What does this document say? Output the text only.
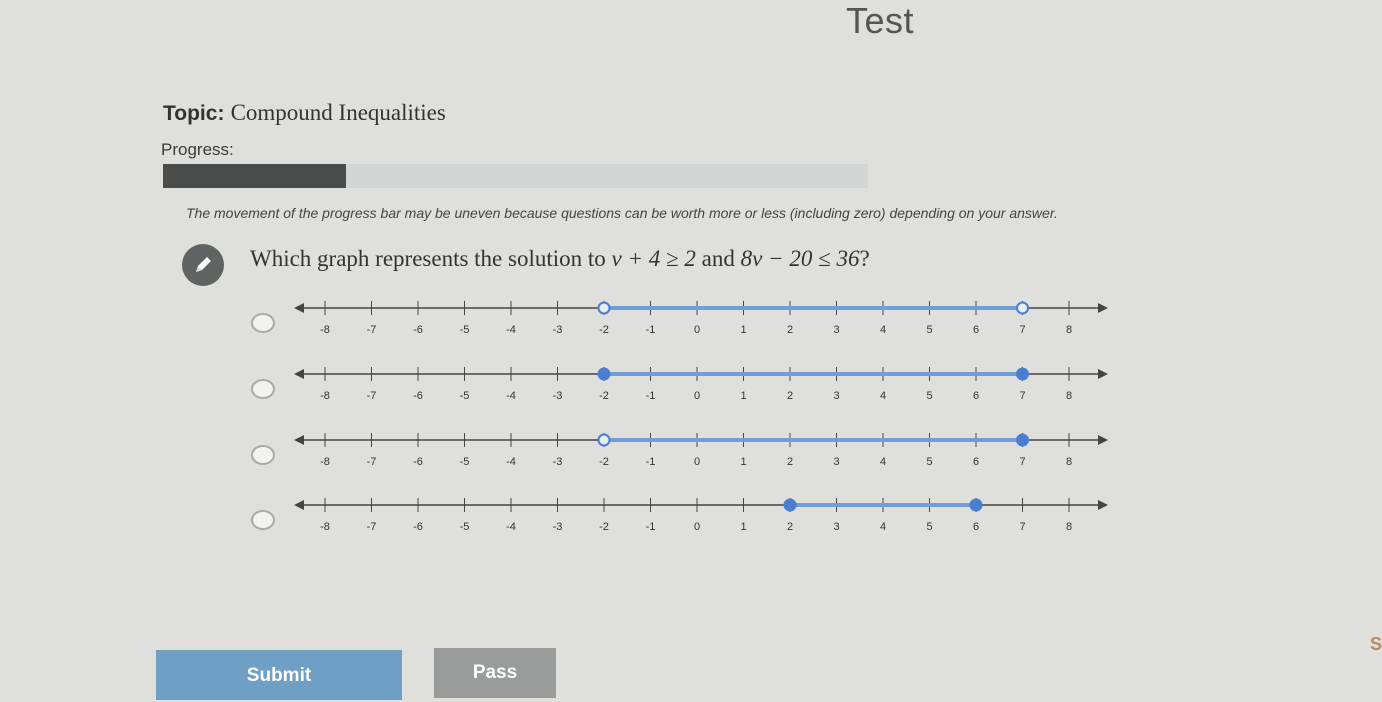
Test
Topic: Compound Inequalities
Progress:
The movement of the progress bar may be uneven because questions can be worth more or less (including zero) depending on your answer.
Which graph represents the solution to v + 4 ≥ 2 and 8v − 20 ≤ 36?
-8	-7	-6	-5	-4	-3	-2	-1	0	1	2	3	4	5	6	7	8
-8	-7	-6	-5	-4	-3	-2	-1	0	1	2	3	4	5	6	7	8
-8	-7	-6	-5	-4	-3	-2	-1	0	1	2	3	4	5	6	7	8
-8	-7	-6	-5	-4	-3	-2	-1	0	1	2	3	4	5	6	7	8
Submit	Pass
S
